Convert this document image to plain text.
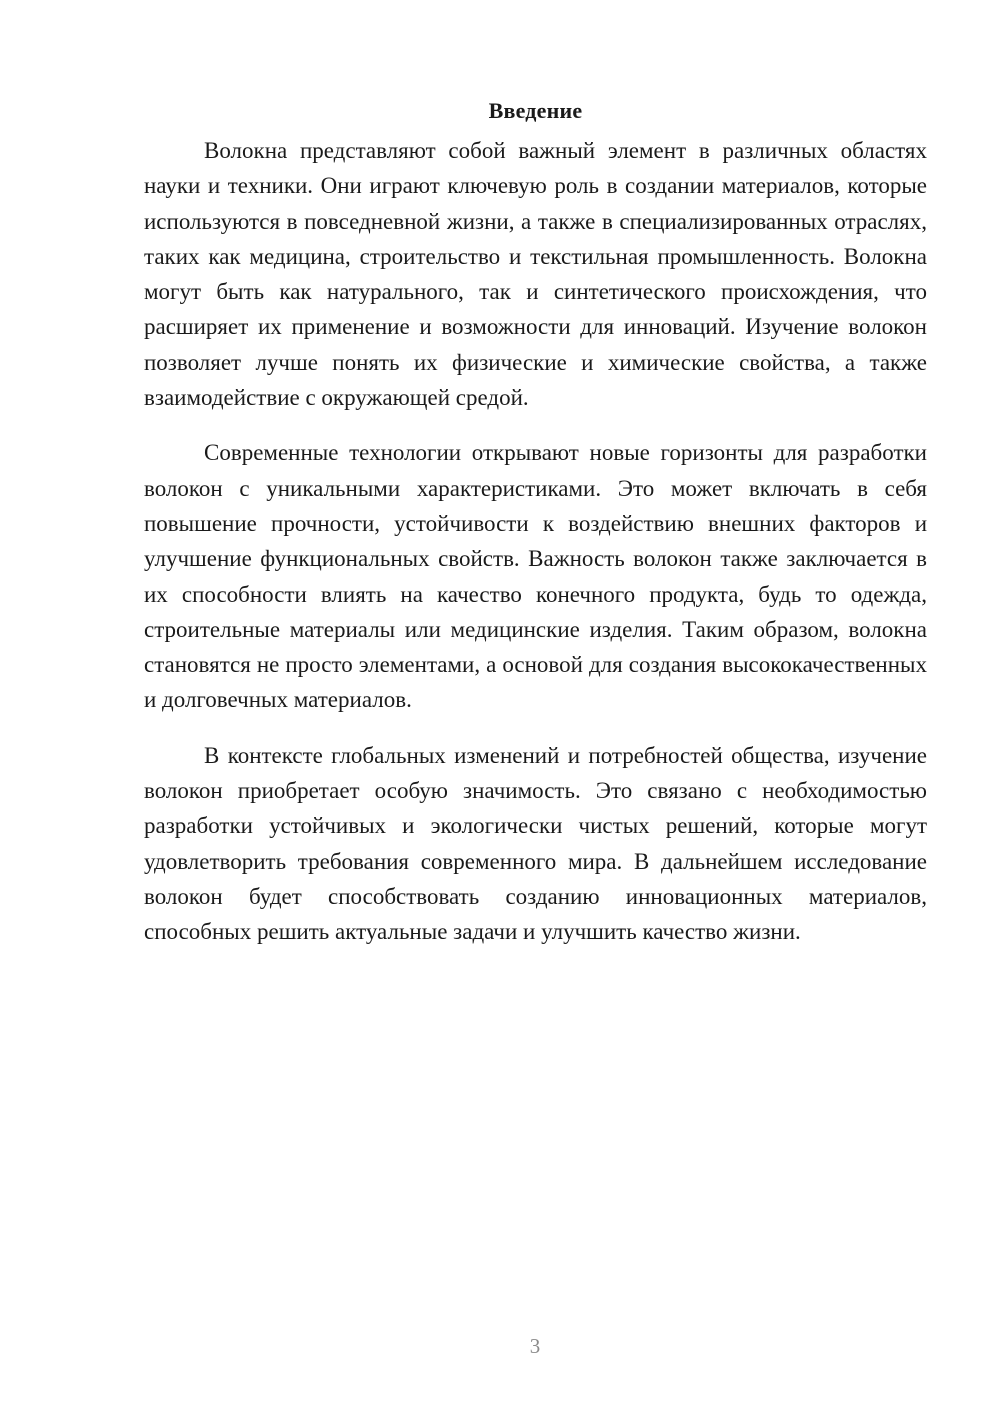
Введение

Волокна представляют собой важный элемент в различных областях науки и техники. Они играют ключевую роль в создании материалов, которые используются в повседневной жизни, а также в специализированных отраслях, таких как медицина, строительство и текстильная промышленность. Волокна могут быть как натурального, так и синтетического происхождения, что расширяет их применение и возможности для инноваций. Изучение волокон позволяет лучше понять их физические и химические свойства, а также взаимодействие с окружающей средой.

Современные технологии открывают новые горизонты для разработки волокон с уникальными характеристиками. Это может включать в себя повышение прочности, устойчивости к воздействию внешних факторов и улучшение функциональных свойств. Важность волокон также заключается в их способности влиять на качество конечного продукта, будь то одежда, строительные материалы или медицинские изделия. Таким образом, волокна становятся не просто элементами, а основой для создания высококачественных и долговечных материалов.

В контексте глобальных изменений и потребностей общества, изучение волокон приобретает особую значимость. Это связано с необходимостью разработки устойчивых и экологически чистых решений, которые могут удовлетворить требования современного мира. В дальнейшем исследование волокон будет способствовать созданию инновационных материалов, способных решить актуальные задачи и улучшить качество жизни.

3
